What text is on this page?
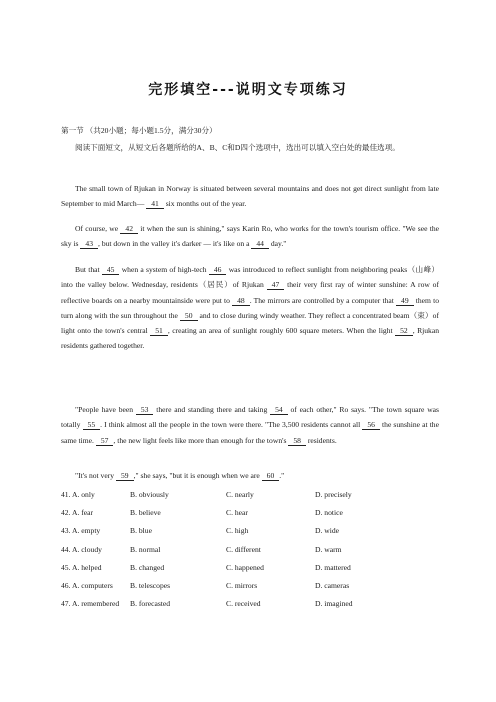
完形填空---说明文专项练习
第一节 （共20小题；每小题1.5分，满分30分）
阅读下面短文，从短文后各题所给的A、B、C和D四个选项中，选出可以填入空白处的最佳选项。
The small town of Rjukan in Norway is situated between several mountains and does not get direct sunlight from late September to mid March— 41 six months out of the year.
Of course, we 42 it when the sun is shining," says Karin Ro, who works for the town's tourism office. "We see the sky is 43 , but down in the valley it's darker — it's like on a 44 day."
But that 45 when a system of high-tech 46 was introduced to reflect sunlight from neighboring peaks（山峰）into the valley below. Wednesday, residents（居民）of Rjukan 47 their very first ray of winter sunshine: A row of reflective boards on a nearby mountainside were put to 48 . The mirrors are controlled by a computer that 49 them to turn along with the sun throughout the 50 and to close during windy weather. They reflect a concentrated beam（束）of light onto the town's central 51 , creating an area of sunlight roughly 600 square meters. When the light 52 , Rjukan residents gathered together.
"People have been 53 there and standing there and taking 54 of each other," Ro says. "The town square was totally 55 . I think almost all the people in the town were there. "The 3,500 residents cannot all 56 the sunshine at the same time. 57 , the new light feels like more than enough for the town's 58 residents.
"It's not very 59 ," she says, "but it is enough when we are 60 ."
41. A. only	B. obviously	C. nearly	D. precisely
42. A. fear	B. believe	C. hear	D. notice
43. A. empty	B. blue	C. high	D. wide
44. A. cloudy	B. normal	C. different	D. warm
45. A. helped	B. changed	C. happened	D. mattered
46. A. computers B. telescopes	C. mirrors	D. cameras
47. A. remembered B. forecasted	C. received	D. imagined
